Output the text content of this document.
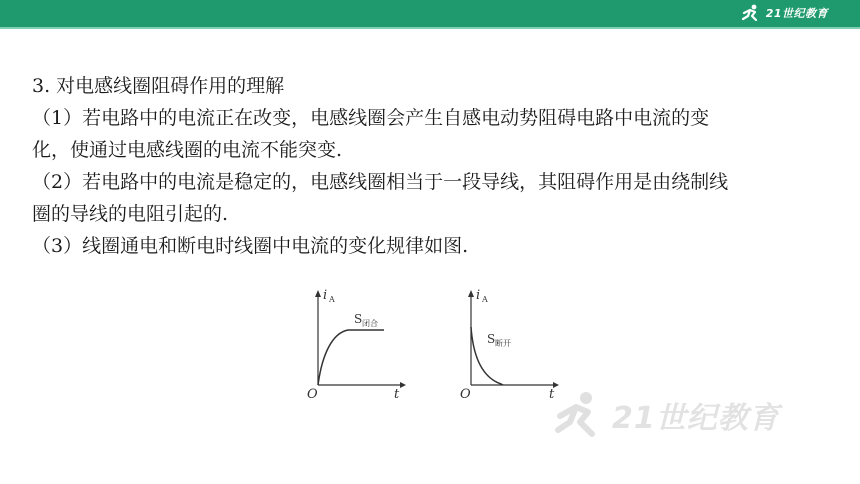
21世纪教育
3. 对电感线圈阻碍作用的理解
（1）若电路中的电流正在改变，电感线圈会产生自感电动势阻碍电路中电流的变
化，使通过电感线圈的电流不能突变.
（2）若电路中的电流是稳定的，电感线圈相当于一段导线，其阻碍作用是由绕制线
圈的导线的电阻引起的.
（3）线圈通电和断电时线圈中电流的变化规律如图.
i A
O	t
S 闭合
i A
O	t
S 断开
21世纪教育
